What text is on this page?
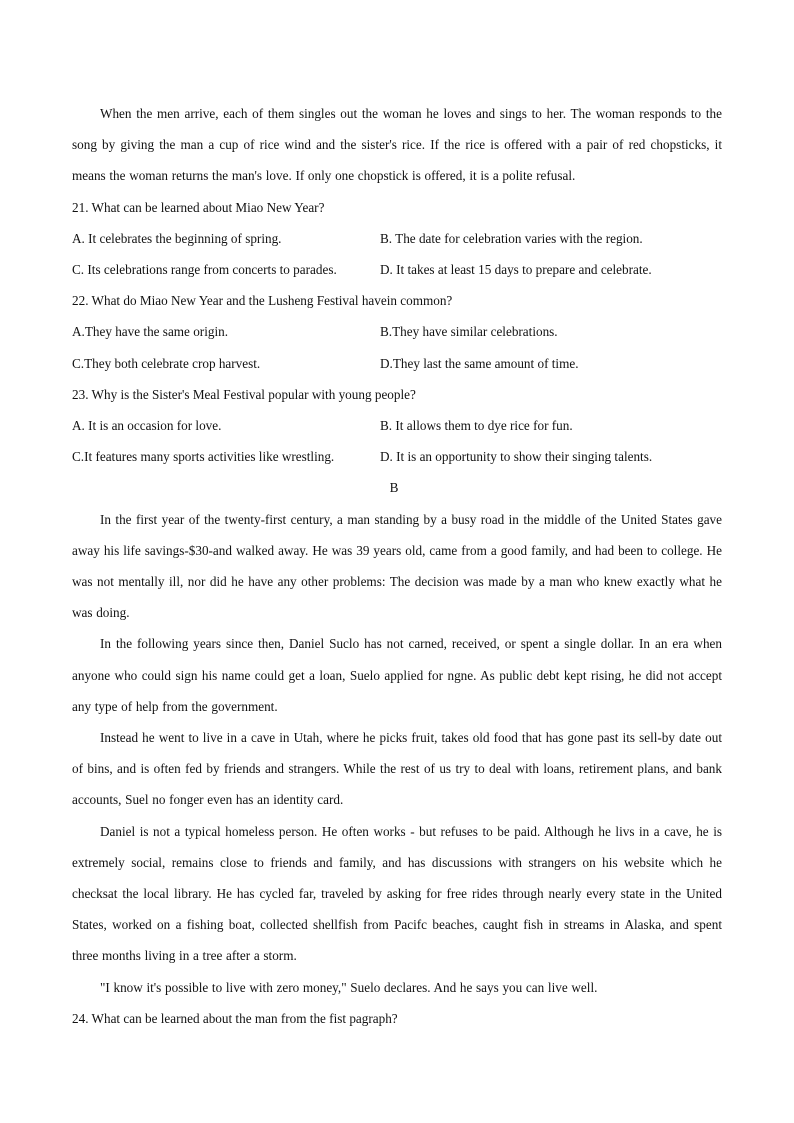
When the men arrive, each of them singles out the woman he loves and sings to her. The woman responds to the song by giving the man a cup of rice wind and the sister's rice. If the rice is offered with a pair of red chopsticks, it means the woman returns the man's love. If only one chopstick is offered, it is a polite refusal.

21. What can be learned about Miao New Year?

A. It celebrates the beginning of spring.	B. The date for celebration varies with the region.
C. Its celebrations range from concerts to parades.	D. It takes at least 15 days to prepare and celebrate.

22. What do Miao New Year and the Lusheng Festival havein common?

A.They have the same origin.	B.They have similar celebrations.
C.They both celebrate crop harvest.	D.They last the same amount of time.

23. Why is the Sister's Meal Festival popular with young people?

A. It is an occasion for love.	B. It allows them to dye rice for fun.
C.It features many sports activities like wrestling.	D. It is an opportunity to show their singing talents.

B

In the first year of the twenty-first century, a man standing by a busy road in the middle of the United States gave away his life savings-$30-and walked away. He was 39 years old, came from a good family, and had been to college. He was not mentally ill, nor did he have any other problems: The decision was made by a man who knew exactly what he was doing.

In the following years since then, Daniel Suclo has not carned, received, or spent a single dollar. In an era when anyone who could sign his name could get a loan, Suelo applied for ngne. As public debt kept rising, he did not accept any type of help from the government.

Instead he went to live in a cave in Utah, where he picks fruit, takes old food that has gone past its sell-by date out of bins, and is often fed by friends and strangers. While the rest of us try to deal with loans, retirement plans, and bank accounts, Suel no fonger even has an identity card.

Daniel is not a typical homeless person. He often works - but refuses to be paid. Although he livs in a cave, he is extremely social, remains close to friends and family, and has discussions with strangers on his website which he checksat the local library. He has cycled far, traveled by asking for free rides through nearly every state in the United States, worked on a fishing boat, collected shellfish from Pacifc beaches, caught fish in streams in Alaska, and spent three months living in a tree after a storm.

"I know it's possible to live with zero money," Suelo declares. And he says you can live well.

24. What can be learned about the man from the fist pagraph?
